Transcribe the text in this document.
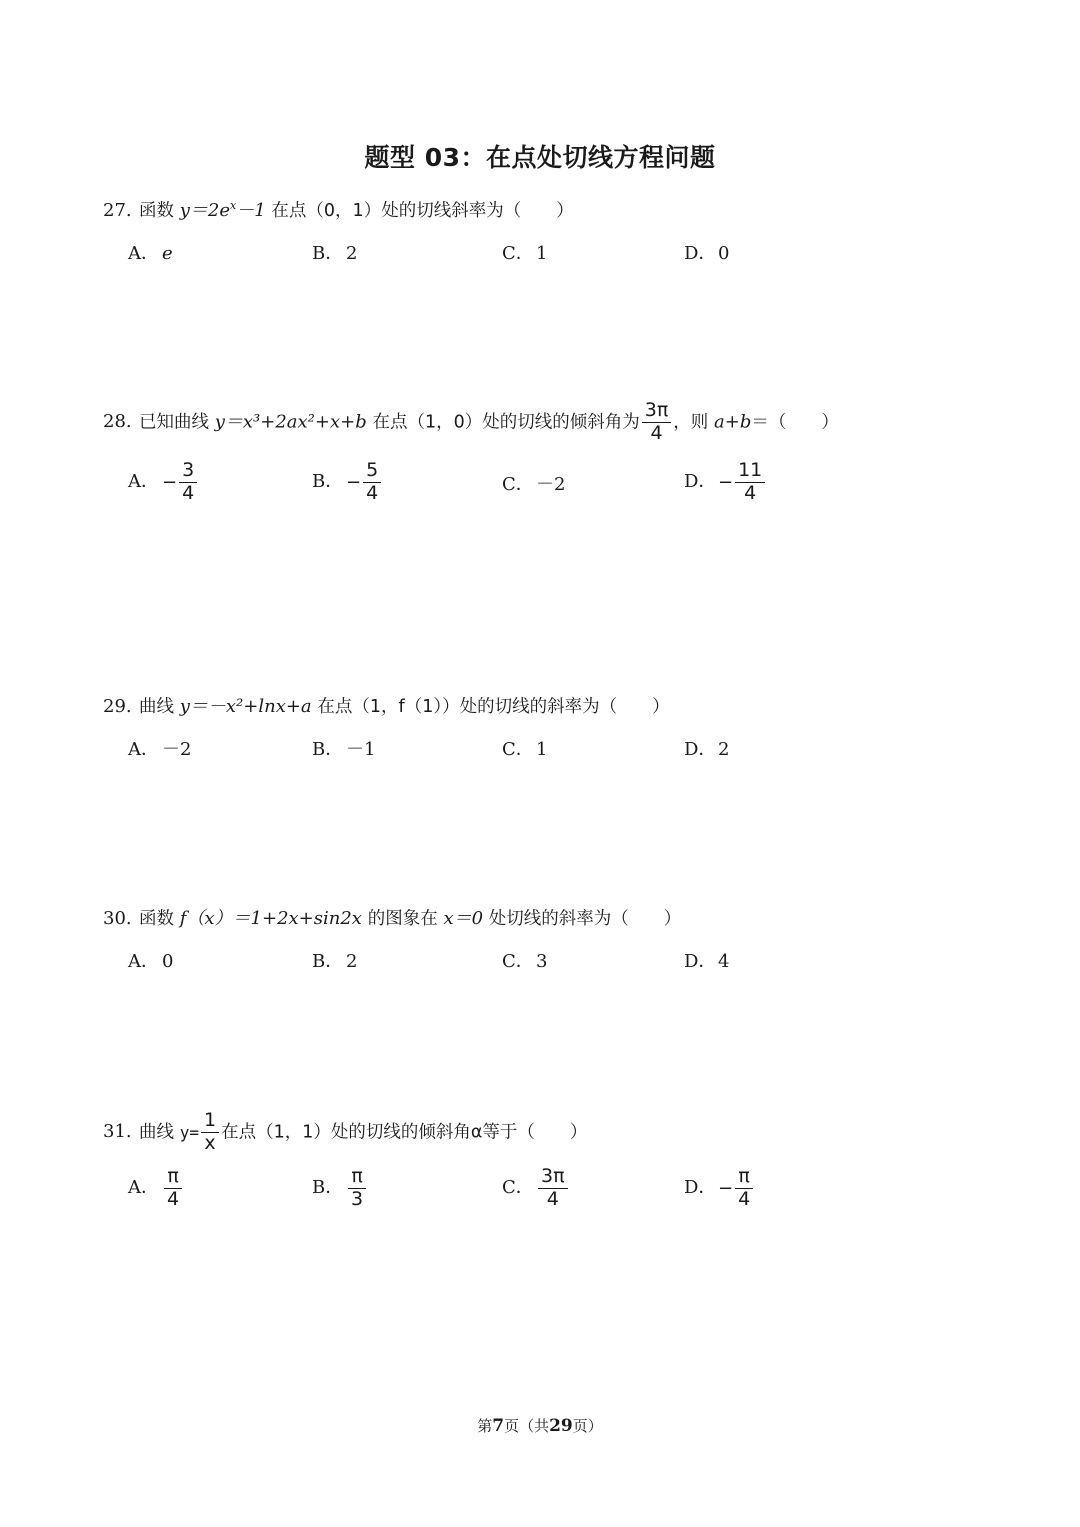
题型 03：在点处切线方程问题
27. 函数 $y=2e^x-1$ 在点（0，1）处的切线斜率为（　　）
A． e	B． 2	C． 1	D．0
28. 已知曲线 y＝x³+2ax²+x+b 在点（1，0）处的切线的倾斜角为 $\frac{3\pi}{4}$ ，则 a+b＝（　　）
A． − $\frac{3}{4}$	B． − $\frac{5}{4}$	C． －2	D．− $\frac{11}{4}$
29. 曲线 y＝－x²+lnx+a 在点（1，f（1））处的切线的斜率为（　　）
A． －2	B． －1	C． 1	D．2
30. 函数 f（x）＝1+2x+sin2x 的图象在 x＝0 处切线的斜率为（　　）
A． 0	B． 2	C． 3	D．4
31. 曲线 $y= \frac{1}{x}$ 在点（1，1）处的切线的倾斜角α等于（　　）
A． $\frac{\pi}{4}$	B． $\frac{\pi}{3}$	C． $\frac{3\pi}{4}$	D．− $\frac{\pi}{4}$
第7页（共29页）
